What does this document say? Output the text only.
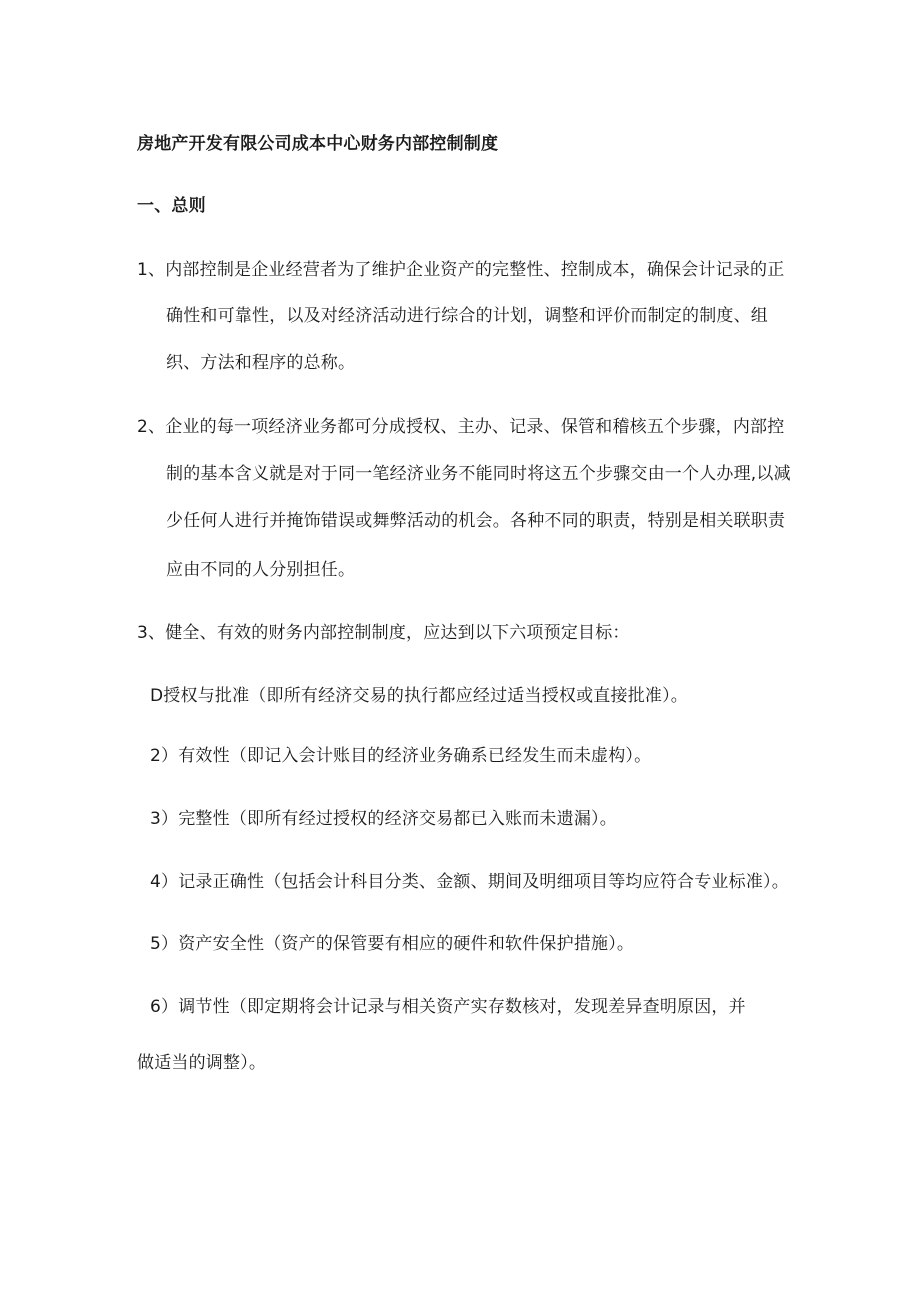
房地产开发有限公司成本中心财务内部控制制度
一、总则
1、内部控制是企业经营者为了维护企业资产的完整性、控制成本，确保会计记录的正
确性和可靠性，以及对经济活动进行综合的计划，调整和评价而制定的制度、组
织、方法和程序的总称。
2、企业的每一项经济业务都可分成授权、主办、记录、保管和稽核五个步骤，内部控
制的基本含义就是对于同一笔经济业务不能同时将这五个步骤交由一个人办理,以减
少任何人进行并掩饰错误或舞弊活动的机会。各种不同的职责，特别是相关联职责
应由不同的人分别担任。
3、健全、有效的财务内部控制制度，应达到以下六项预定目标：
D授权与批准（即所有经济交易的执行都应经过适当授权或直接批准）。
2）有效性（即记入会计账目的经济业务确系已经发生而未虚构）。
3）完整性（即所有经过授权的经济交易都已入账而未遗漏）。
4）记录正确性（包括会计科目分类、金额、期间及明细项目等均应符合专业标准）。
5）资产安全性（资产的保管要有相应的硬件和软件保护措施）。
6）调节性（即定期将会计记录与相关资产实存数核对，发现差异查明原因，并
做适当的调整）。
